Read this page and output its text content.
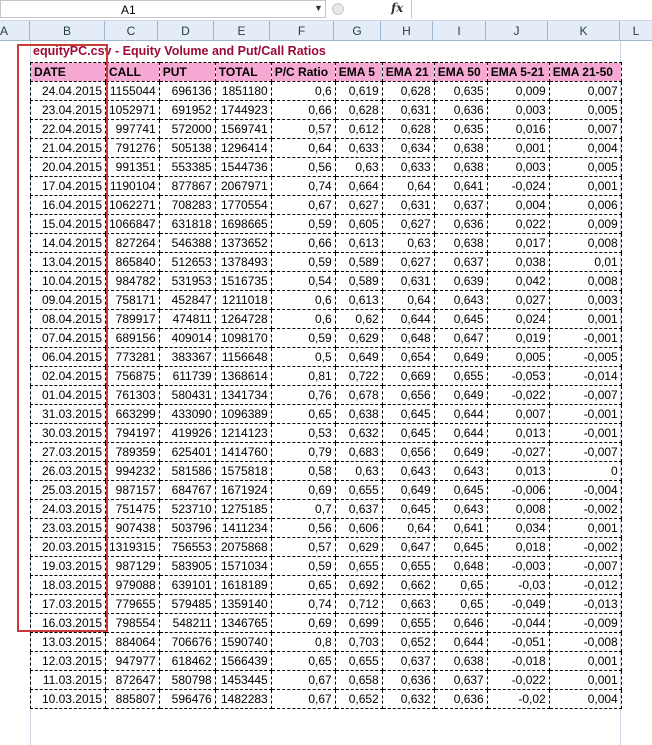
A1	▼	fx
A	B	C	D	E	F	G	H	I	J	K	L
equityPC.csv - Equity Volume and Put/Call Ratios
DATE	CALL	PUT	TOTAL	P/C Ratio	EMA 5	EMA 21	EMA 50	EMA 5-21	EMA 21-50
24.04.2015	1155044	696136	1851180	0,6	0,619	0,628	0,635	0,009	0,007
23.04.2015	1052971	691952	1744923	0,66	0,628	0,631	0,636	0,003	0,005
22.04.2015	997741	572000	1569741	0,57	0,612	0,628	0,635	0,016	0,007
21.04.2015	791276	505138	1296414	0,64	0,633	0,634	0,638	0,001	0,004
20.04.2015	991351	553385	1544736	0,56	0,63	0,633	0,638	0,003	0,005
17.04.2015	1190104	877867	2067971	0,74	0,664	0,64	0,641	-0,024	0,001
16.04.2015	1062271	708283	1770554	0,67	0,627	0,631	0,637	0,004	0,006
15.04.2015	1066847	631818	1698665	0,59	0,605	0,627	0,636	0,022	0,009
14.04.2015	827264	546388	1373652	0,66	0,613	0,63	0,638	0,017	0,008
13.04.2015	865840	512653	1378493	0,59	0,589	0,627	0,637	0,038	0,01
10.04.2015	984782	531953	1516735	0,54	0,589	0,631	0,639	0,042	0,008
09.04.2015	758171	452847	1211018	0,6	0,613	0,64	0,643	0,027	0,003
08.04.2015	789917	474811	1264728	0,6	0,62	0,644	0,645	0,024	0,001
07.04.2015	689156	409014	1098170	0,59	0,629	0,648	0,647	0,019	-0,001
06.04.2015	773281	383367	1156648	0,5	0,649	0,654	0,649	0,005	-0,005
02.04.2015	756875	611739	1368614	0,81	0,722	0,669	0,655	-0,053	-0,014
01.04.2015	761303	580431	1341734	0,76	0,678	0,656	0,649	-0,022	-0,007
31.03.2015	663299	433090	1096389	0,65	0,638	0,645	0,644	0,007	-0,001
30.03.2015	794197	419926	1214123	0,53	0,632	0,645	0,644	0,013	-0,001
27.03.2015	789359	625401	1414760	0,79	0,683	0,656	0,649	-0,027	-0,007
26.03.2015	994232	581586	1575818	0,58	0,63	0,643	0,643	0,013	0
25.03.2015	987157	684767	1671924	0,69	0,655	0,649	0,645	-0,006	-0,004
24.03.2015	751475	523710	1275185	0,7	0,637	0,645	0,643	0,008	-0,002
23.03.2015	907438	503796	1411234	0,56	0,606	0,64	0,641	0,034	0,001
20.03.2015	1319315	756553	2075868	0,57	0,629	0,647	0,645	0,018	-0,002
19.03.2015	987129	583905	1571034	0,59	0,655	0,655	0,648	-0,003	-0,007
18.03.2015	979088	639101	1618189	0,65	0,692	0,662	0,65	-0,03	-0,012
17.03.2015	779655	579485	1359140	0,74	0,712	0,663	0,65	-0,049	-0,013
16.03.2015	798554	548211	1346765	0,69	0,699	0,655	0,646	-0,044	-0,009
13.03.2015	884064	706676	1590740	0,8	0,703	0,652	0,644	-0,051	-0,008
12.03.2015	947977	618462	1566439	0,65	0,655	0,637	0,638	-0,018	0,001
11.03.2015	872647	580798	1453445	0,67	0,658	0,636	0,637	-0,022	0,001
10.03.2015	885807	596476	1482283	0,67	0,652	0,632	0,636	-0,02	0,004
